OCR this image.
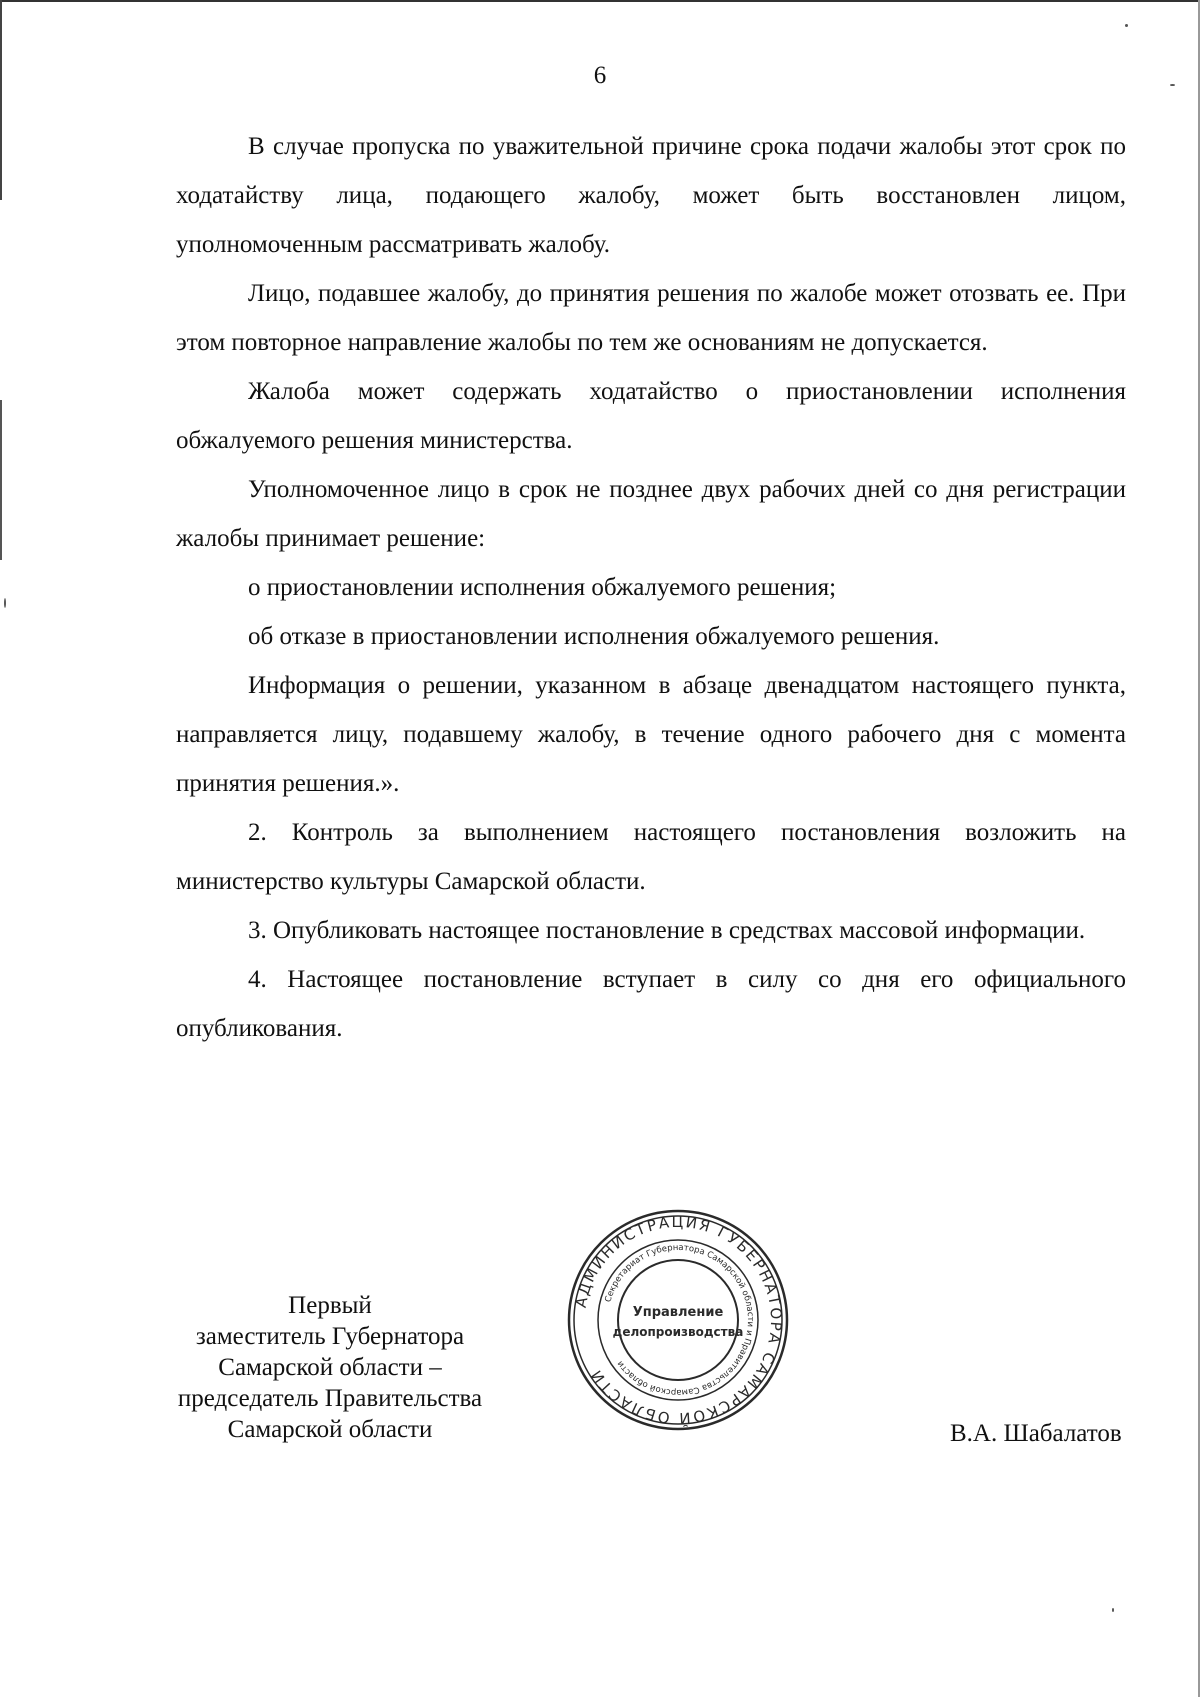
6

В случае пропуска по уважительной причине срока подачи жалобы этот срок по ходатайству лица, подающего жалобу, может быть восстановлен лицом, уполномоченным рассматривать жалобу.

Лицо, подавшее жалобу, до принятия решения по жалобе может отозвать ее. При этом повторное направление жалобы по тем же основаниям не допускается.

Жалоба может содержать ходатайство о приостановлении исполнения обжалуемого решения министерства.

Уполномоченное лицо в срок не позднее двух рабочих дней со дня регистрации жалобы принимает решение:

о приостановлении исполнения обжалуемого решения;

об отказе в приостановлении исполнения обжалуемого решения.

Информация о решении, указанном в абзаце двенадцатом настоящего пункта, направляется лицу, подавшему жалобу, в течение одного рабочего дня с момента принятия решения.».

2. Контроль за выполнением настоящего постановления возложить на министерство культуры Самарской области.

3. Опубликовать настоящее постановление в средствах массовой информации.

4. Настоящее постановление вступает в силу со дня его официального опубликования.

Первый
заместитель Губернатора
Самарской области –
председатель Правительства
Самарской области
АДМИНИСТРАЦИЯ ГУБЕРНАТОРА САМАРСКОЙ ОБЛАСТИ
Секретариат Губернатора Самарской области и Правительства Самарской области
Управление
делопроизводства
В.А. Шабалатов
